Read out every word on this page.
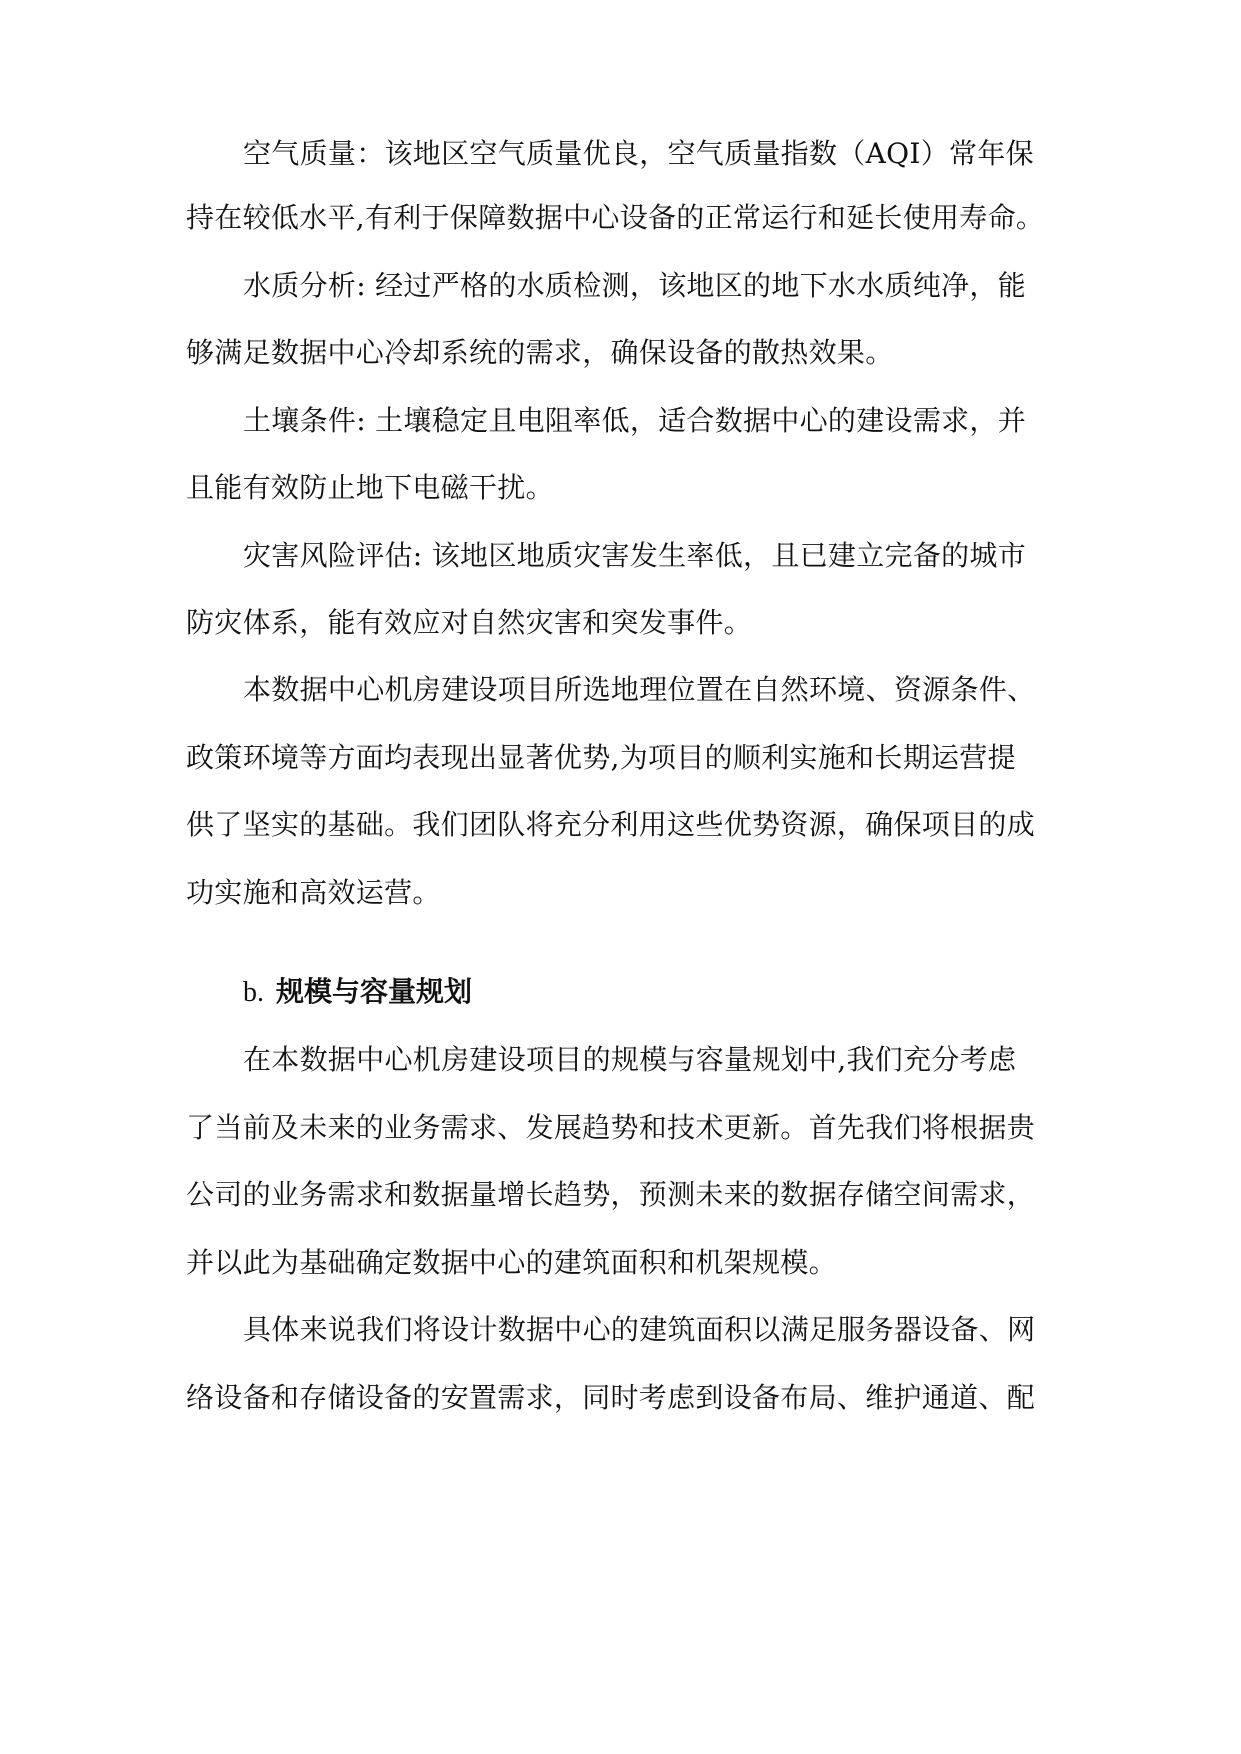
空气质量：该地区空气质量优良，空气质量指数（AQI）常年保
持在较低水平,有利于保障数据中心设备的正常运行和延长使用寿命。
水质分析: 经过严格的水质检测，该地区的地下水水质纯净，能
够满足数据中心冷却系统的需求，确保设备的散热效果。
土壤条件: 土壤稳定且电阻率低，适合数据中心的建设需求，并
且能有效防止地下电磁干扰。
灾害风险评估: 该地区地质灾害发生率低，且已建立完备的城市
防灾体系，能有效应对自然灾害和突发事件。
本数据中心机房建设项目所选地理位置在自然环境、资源条件、
政策环境等方面均表现出显著优势,为项目的顺利实施和长期运营提
供了坚实的基础。我们团队将充分利用这些优势资源，确保项目的成
功实施和高效运营。
b. 规模与容量规划
在本数据中心机房建设项目的规模与容量规划中,我们充分考虑
了当前及未来的业务需求、发展趋势和技术更新。首先我们将根据贵
公司的业务需求和数据量增长趋势，预测未来的数据存储空间需求，
并以此为基础确定数据中心的建筑面积和机架规模。
具体来说我们将设计数据中心的建筑面积以满足服务器设备、网
络设备和存储设备的安置需求，同时考虑到设备布局、维护通道、配
